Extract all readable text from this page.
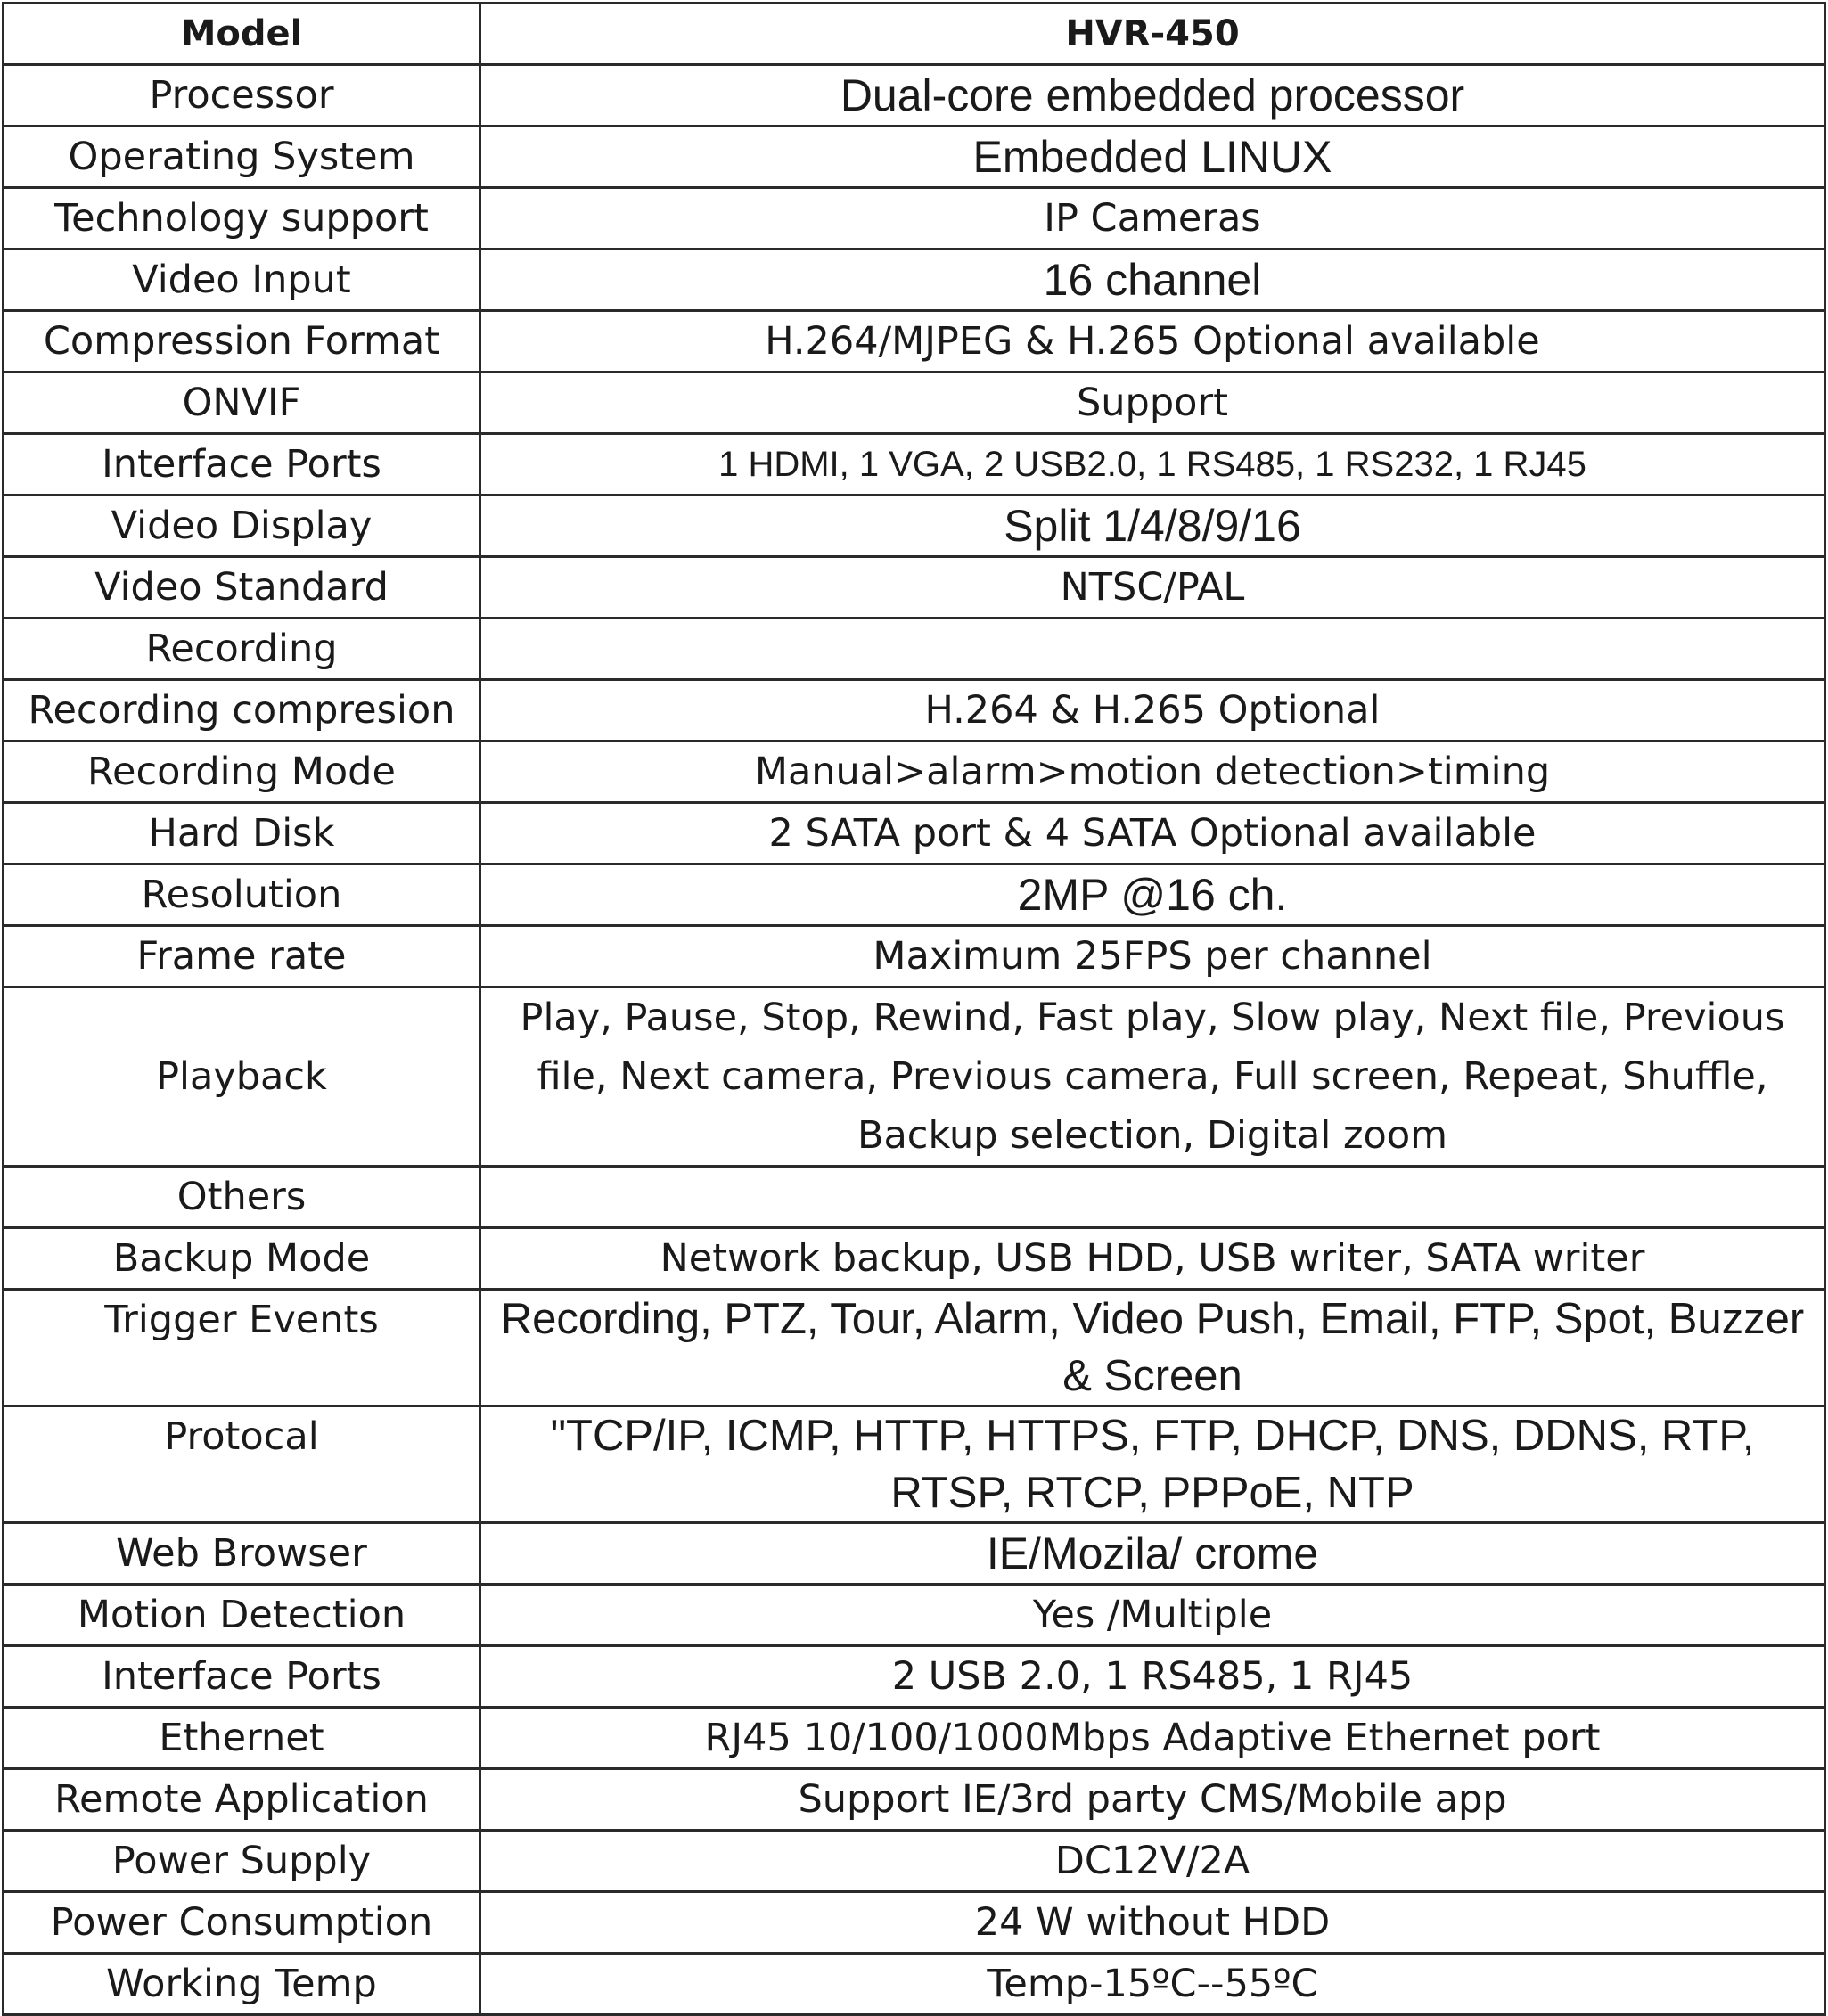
Model	HVR-450
Processor	Dual-core embedded processor
Operating System	Embedded LINUX
Technology support	IP Cameras
Video Input	16 channel
Compression Format	H.264/MJPEG & H.265 Optional available
ONVIF	Support
Interface Ports	1 HDMI, 1 VGA, 2 USB2.0, 1 RS485, 1 RS232, 1 RJ45
Video Display	Split 1/4/8/9/16
Video Standard	NTSC/PAL
Recording	
Recording compresion	H.264 & H.265 Optional
Recording Mode	Manual>alarm>motion detection>timing
Hard Disk	2 SATA port & 4 SATA Optional available
Resolution	2MP @16 ch.
Frame rate	Maximum 25FPS per channel
Playback	Play, Pause, Stop, Rewind, Fast play, Slow play, Next file, Previous file, Next camera, Previous camera, Full screen, Repeat, Shuffle, Backup selection, Digital zoom
Others	
Backup Mode	Network backup, USB HDD, USB writer, SATA writer
Trigger Events	Recording, PTZ, Tour, Alarm, Video Push, Email, FTP, Spot, Buzzer & Screen
Protocal	"TCP/IP, ICMP, HTTP, HTTPS, FTP, DHCP, DNS, DDNS, RTP, RTSP, RTCP, PPPoE, NTP
Web Browser	IE/Mozila/ crome
Motion Detection	Yes /Multiple
Interface Ports	2 USB 2.0, 1 RS485, 1 RJ45
Ethernet	RJ45 10/100/1000Mbps Adaptive Ethernet port
Remote Application	Support IE/3rd party CMS/Mobile app
Power Supply	DC12V/2A
Power Consumption	24 W without HDD
Working Temp	Temp-15ºC--55ºC
